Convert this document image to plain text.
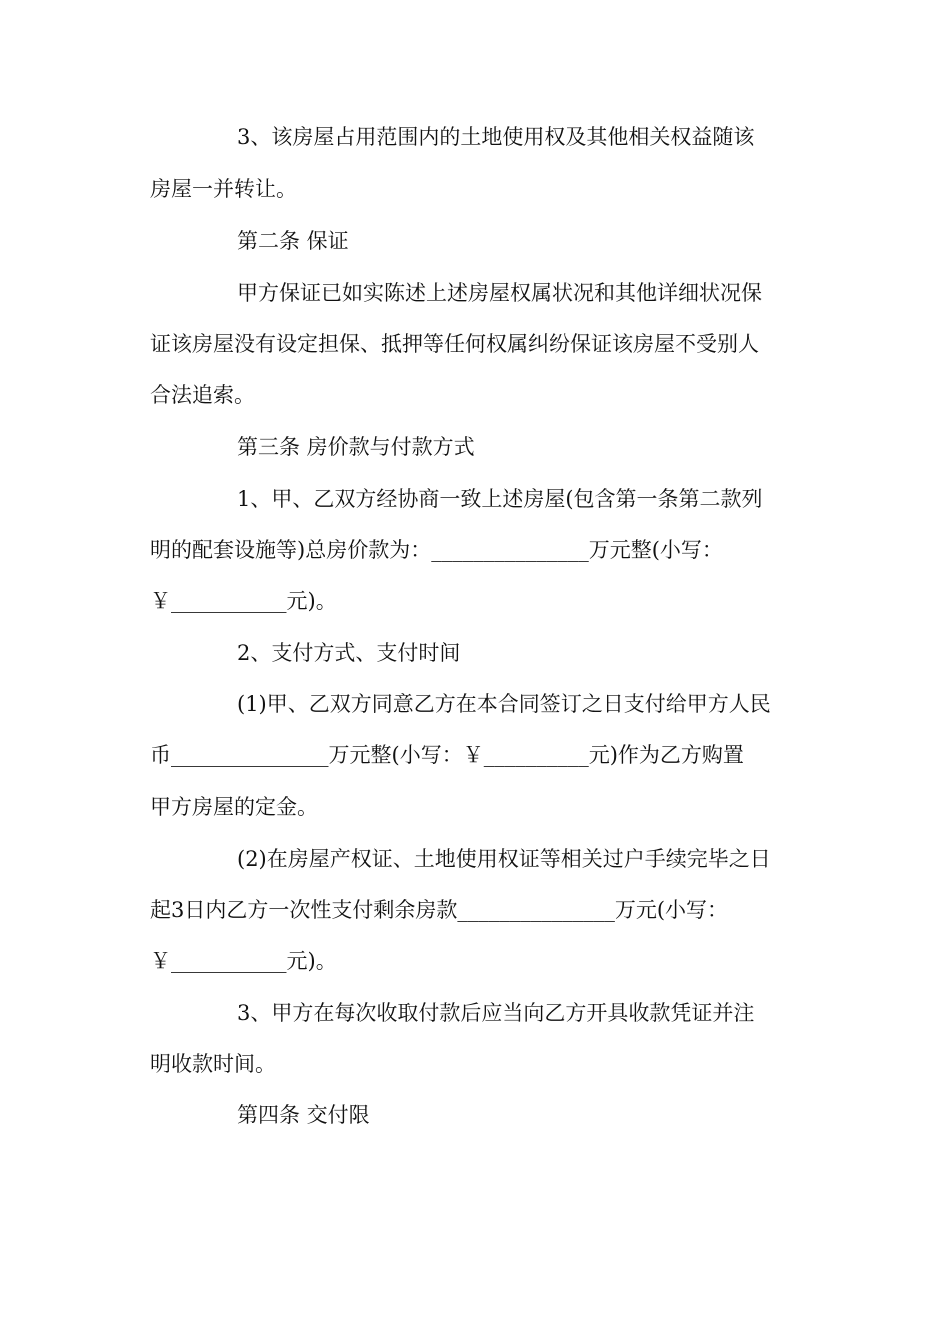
3、该房屋占用范围内的土地使用权及其他相关权益随该
房屋一并转让。
第二条 保证
甲方保证已如实陈述上述房屋权属状况和其他详细状况保
证该房屋没有设定担保、抵押等任何权属纠纷保证该房屋不受别人
合法追索。
第三条 房价款与付款方式
1、甲、乙双方经协商一致上述房屋(包含第一条第二款列
明的配套设施等)总房价款为：_______________万元整(小写：
￥___________元)。
2、支付方式、支付时间
(1)甲、乙双方同意乙方在本合同签订之日支付给甲方人民
币_______________万元整(小写：￥__________元)作为乙方购置
甲方房屋的定金。
(2)在房屋产权证、土地使用权证等相关过户手续完毕之日
起3日内乙方一次性支付剩余房款_______________万元(小写：
￥___________元)。
3、甲方在每次收取付款后应当向乙方开具收款凭证并注
明收款时间。
第四条 交付限
